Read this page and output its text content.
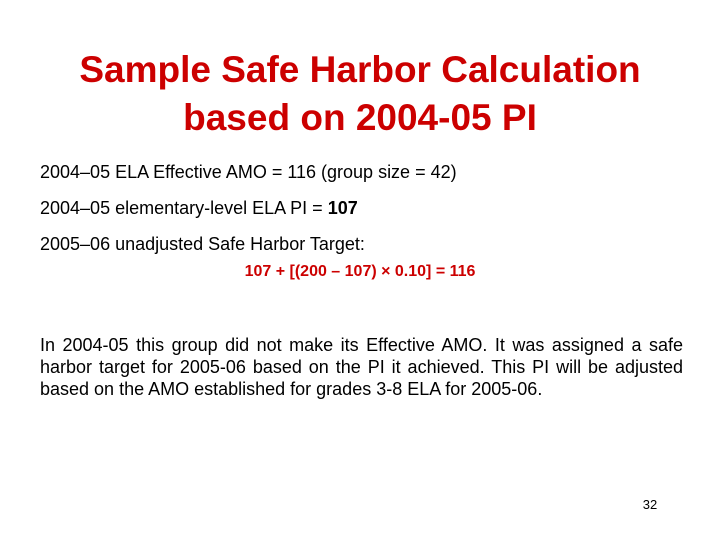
Sample Safe Harbor Calculation
based on 2004-05 PI
2004–05 ELA Effective AMO = 116 (group size = 42)
2004–05 elementary-level ELA PI = 107
2005–06 unadjusted Safe Harbor Target:
107 + [(200 – 107) × 0.10] = 116
In 2004-05 this group did not make its Effective AMO. It was assigned a safe harbor target for 2005-06 based on the PI it achieved. This PI will be adjusted based on the AMO established for grades 3-8 ELA for 2005-06.
32
